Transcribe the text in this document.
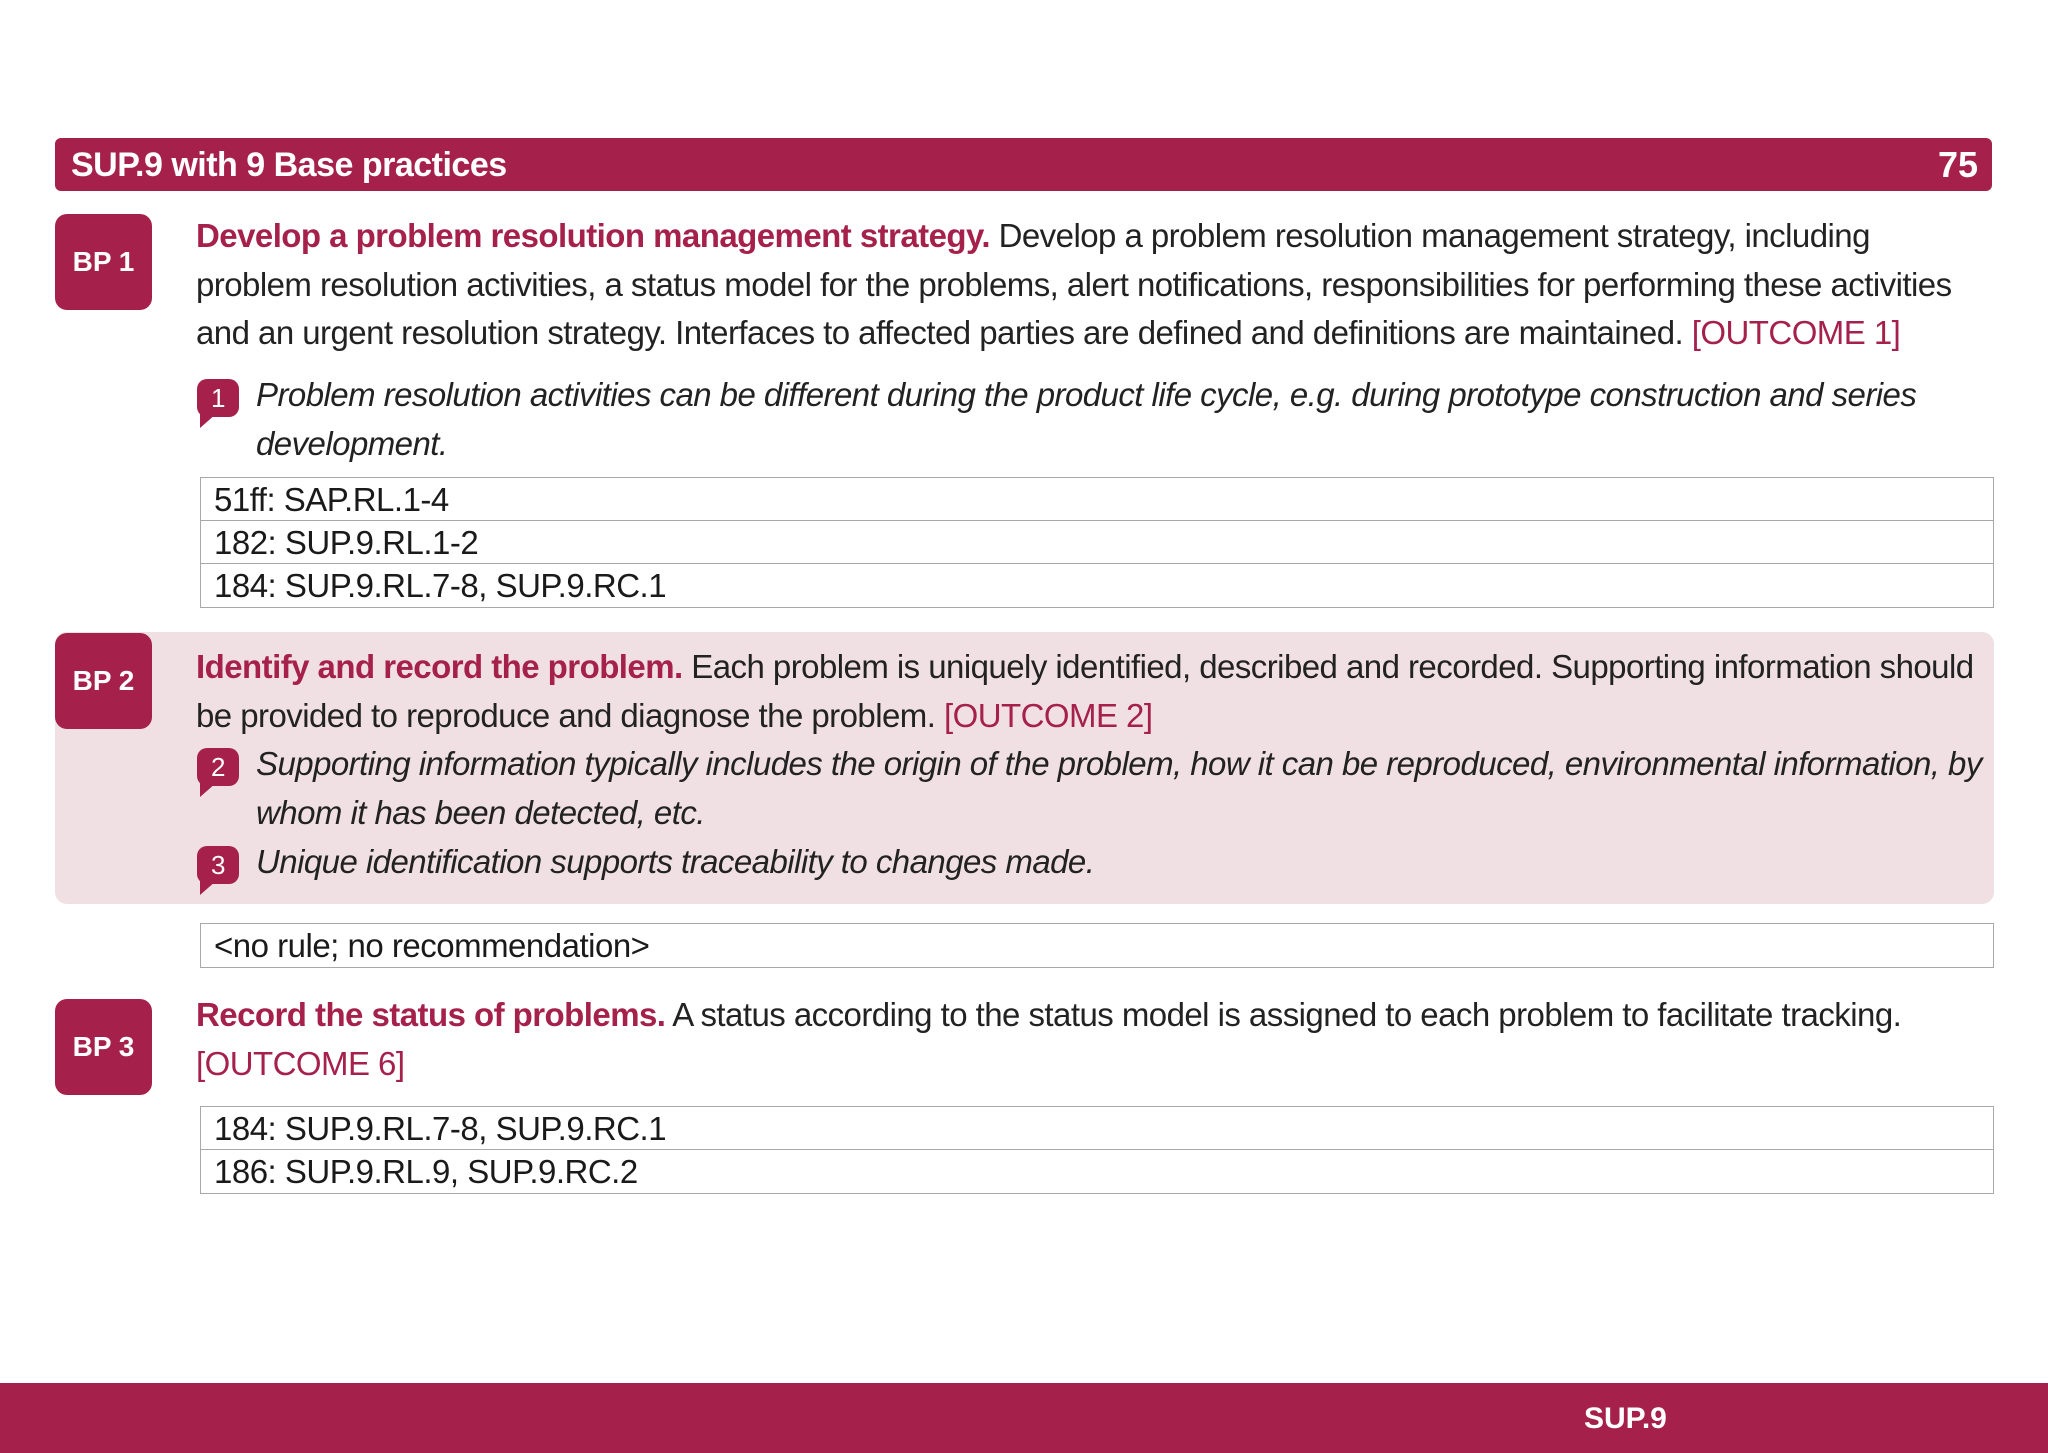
SUP.9 with 9 Base practices	75
BP 1
Develop a problem resolution management strategy. Develop a problem resolution management strategy, including problem resolution activities, a status model for the problems, alert notifications, responsibilities for performing these activities and an urgent resolution strategy. Interfaces to affected parties are defined and definitions are maintained. [OUTCOME 1]
1 Problem resolution activities can be different during the product life cycle, e.g. during prototype construction and series development.
51ff: SAP.RL.1-4
182: SUP.9.RL.1-2
184: SUP.9.RL.7-8, SUP.9.RC.1
BP 2	Identify and record the problem. Each problem is uniquely identified, described and recorded. Supporting information should be provided to reproduce and diagnose the problem. [OUTCOME 2]
2 Supporting information typically includes the origin of the problem, how it can be reproduced, environmental information, by whom it has been detected, etc.
3 Unique identification supports traceability to changes made.
<no rule; no recommendation>
BP 3
Record the status of problems. A status according to the status model is assigned to each problem to facilitate tracking. [OUTCOME 6]
184: SUP.9.RL.7-8, SUP.9.RC.1
186: SUP.9.RL.9, SUP.9.RC.2
SUP.9
